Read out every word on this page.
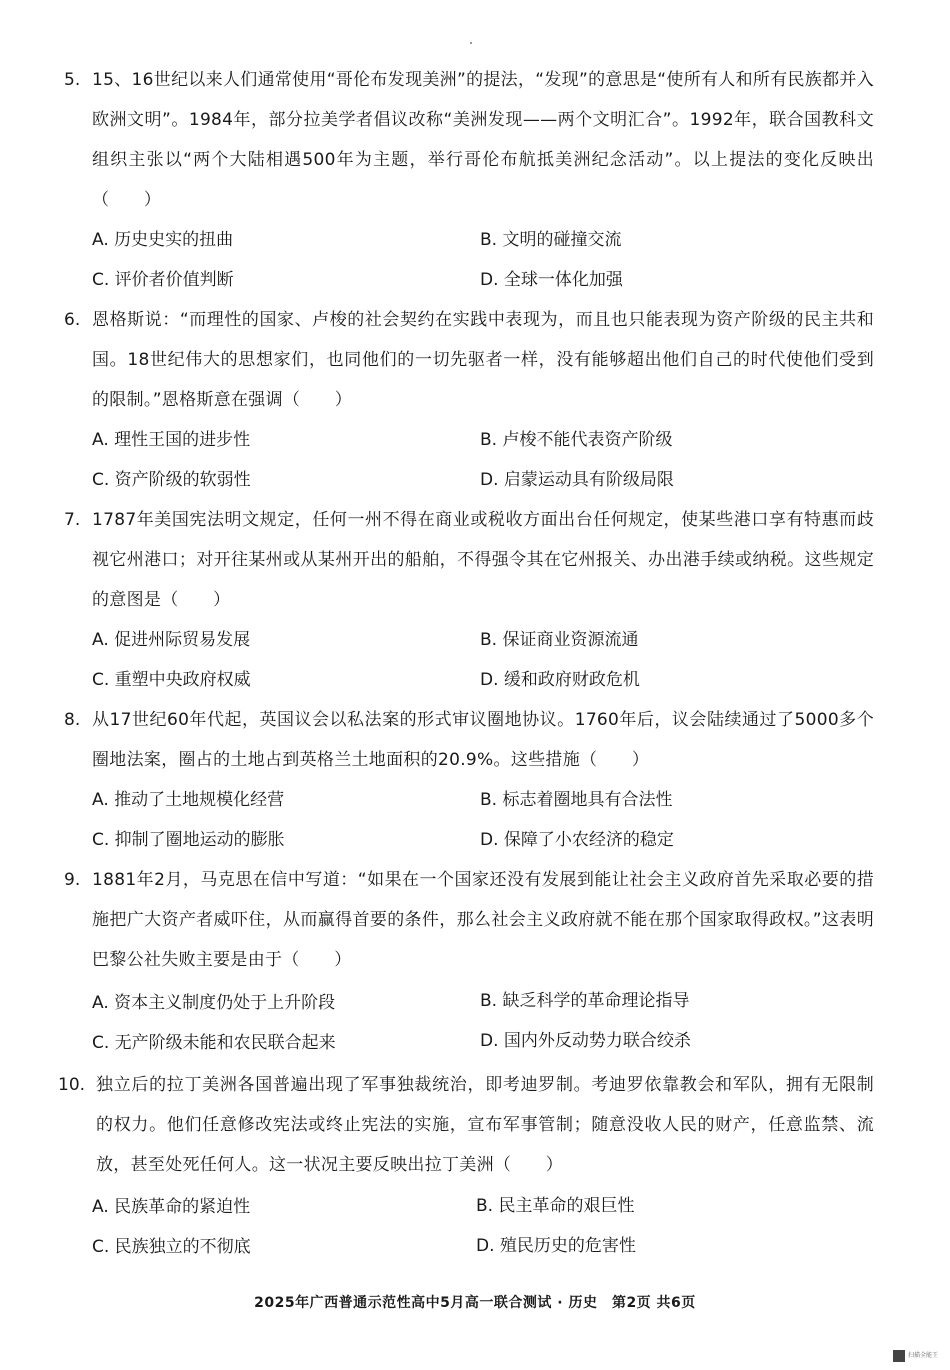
5. 15、16世纪以来人们通常使用“哥伦布发现美洲”的提法，“发现”的意思是“使所有人和所有民族都并入欧洲文明”。1984年，部分拉美学者倡议改称“美洲发现——两个文明汇合”。1992年，联合国教科文组织主张以“两个大陆相遇500年为主题，举行哥伦布航抵美洲纪念活动”。以上提法的变化反映出（　　）
A. 历史史实的扭曲	B. 文明的碰撞交流
C. 评价者价值判断	D. 全球一体化加强
6. 恩格斯说：“而理性的国家、卢梭的社会契约在实践中表现为，而且也只能表现为资产阶级的民主共和国。18世纪伟大的思想家们，也同他们的一切先驱者一样，没有能够超出他们自己的时代使他们受到的限制。”恩格斯意在强调（　　）
A. 理性王国的进步性	B. 卢梭不能代表资产阶级
C. 资产阶级的软弱性	D. 启蒙运动具有阶级局限
7. 1787年美国宪法明文规定，任何一州不得在商业或税收方面出台任何规定，使某些港口享有特惠而歧视它州港口；对开往某州或从某州开出的船舶，不得强令其在它州报关、办出港手续或纳税。这些规定的意图是（　　）
A. 促进州际贸易发展	B. 保证商业资源流通
C. 重塑中央政府权威	D. 缓和政府财政危机
8. 从17世纪60年代起，英国议会以私法案的形式审议圈地协议。1760年后，议会陆续通过了5000多个圈地法案，圈占的土地占到英格兰土地面积的20.9%。这些措施（　　）
A. 推动了土地规模化经营	B. 标志着圈地具有合法性
C. 抑制了圈地运动的膨胀	D. 保障了小农经济的稳定
9. 1881年2月，马克思在信中写道：“如果在一个国家还没有发展到能让社会主义政府首先采取必要的措施把广大资产者威吓住，从而赢得首要的条件，那么社会主义政府就不能在那个国家取得政权。”这表明巴黎公社失败主要是由于（　　）
A. 资本主义制度仍处于上升阶段	B. 缺乏科学的革命理论指导
C. 无产阶级未能和农民联合起来	D. 国内外反动势力联合绞杀
10. 独立后的拉丁美洲各国普遍出现了军事独裁统治，即考迪罗制。考迪罗依靠教会和军队，拥有无限制的权力。他们任意修改宪法或终止宪法的实施，宣布军事管制；随意没收人民的财产，任意监禁、流放，甚至处死任何人。这一状况主要反映出拉丁美洲（　　）
A. 民族革命的紧迫性	B. 民主革命的艰巨性
C. 民族独立的不彻底	D. 殖民历史的危害性
2025年广西普通示范性高中5月高一联合测试 · 历史　第2页 共6页
扫描全能王
